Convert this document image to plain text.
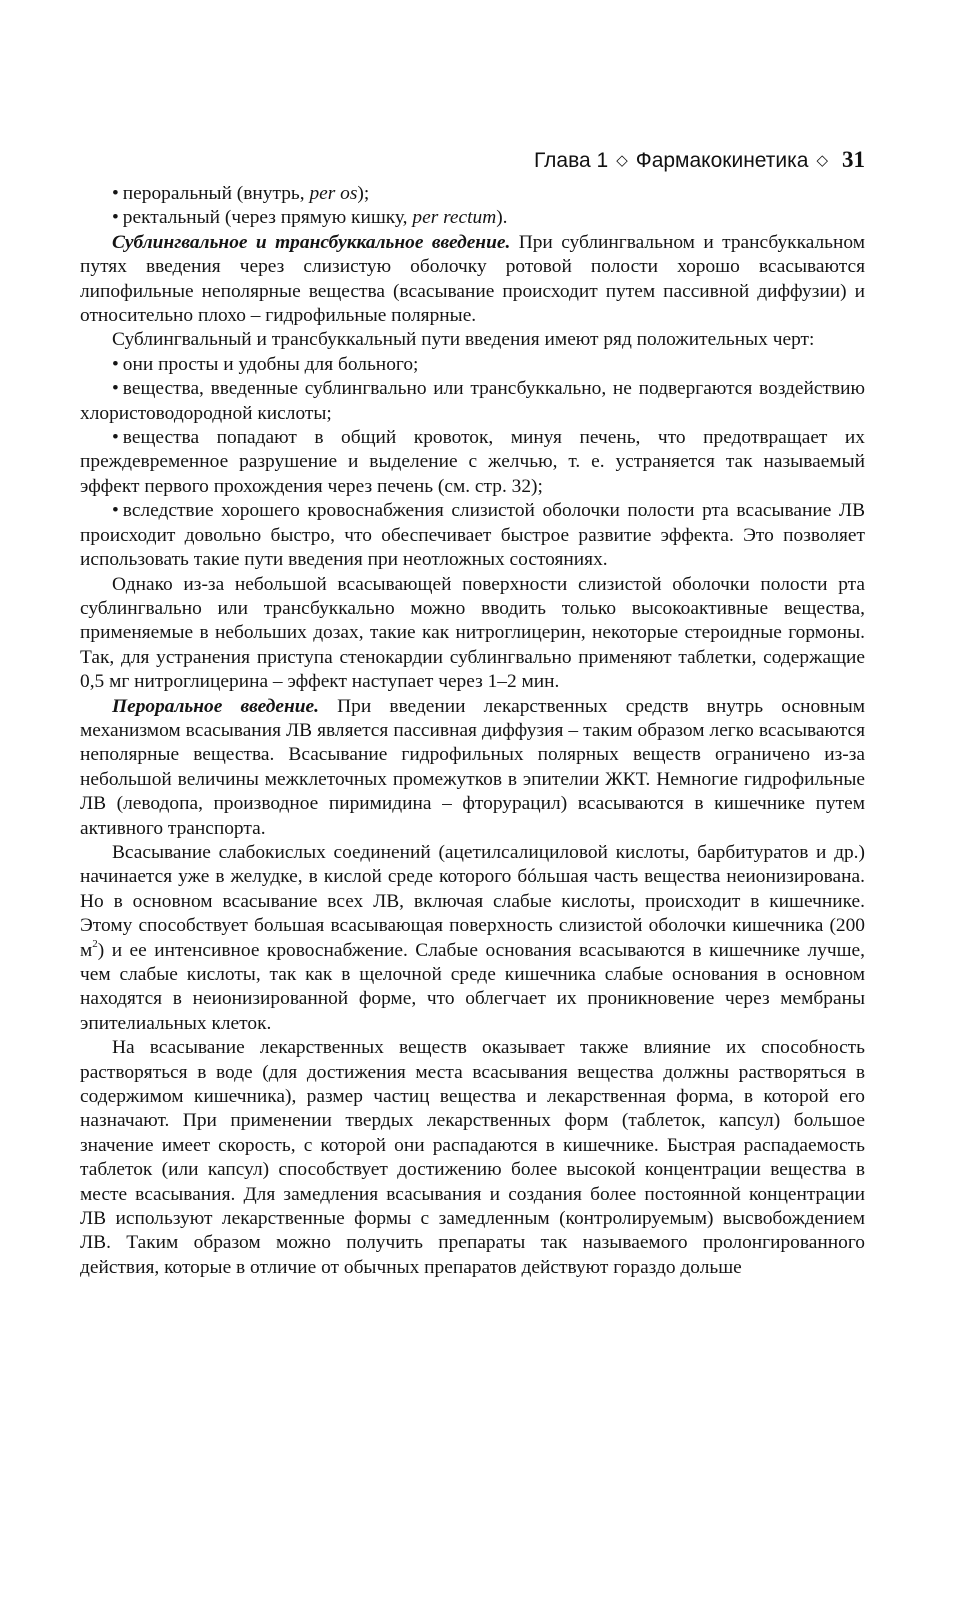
Глава 1 ◇ Фармакокинетика ◇ 31

• пероральный (внутрь, per os);

• ректальный (через прямую кишку, per rectum).

Сублингвальное и трансбуккальное введение. При сублингвальном и трансбуккальном путях введения через слизистую оболочку ротовой полости хорошо всасываются липофильные неполярные вещества (всасывание происходит путем пассивной диффузии) и относительно плохо – гидрофильные полярные.

Сублингвальный и трансбуккальный пути введения имеют ряд положительных черт:

• они просты и удобны для больного;

• вещества, введенные сублингвально или трансбуккально, не подвергаются воздействию хлористоводородной кислоты;

• вещества попадают в общий кровоток, минуя печень, что предотвращает их преждевременное разрушение и выделение с желчью, т. е. устраняется так называемый эффект первого прохождения через печень (см. стр. 32);

• вследствие хорошего кровоснабжения слизистой оболочки полости рта всасывание ЛВ происходит довольно быстро, что обеспечивает быстрое развитие эффекта. Это позволяет использовать такие пути введения при неотложных состояниях.

Однако из-за небольшой всасывающей поверхности слизистой оболочки полости рта сублингвально или трансбуккально можно вводить только высокоактивные вещества, применяемые в небольших дозах, такие как нитроглицерин, некоторые стероидные гормоны. Так, для устранения приступа стенокардии сублингвально применяют таблетки, содержащие 0,5 мг нитроглицерина – эффект наступает через 1–2 мин.

Пероральное введение. При введении лекарственных средств внутрь основным механизмом всасывания ЛВ является пассивная диффузия – таким образом легко всасываются неполярные вещества. Всасывание гидрофильных полярных веществ ограничено из-за небольшой величины межклеточных промежутков в эпителии ЖКТ. Немногие гидрофильные ЛВ (леводопа, производное пиримидина – фторурацил) всасываются в кишечнике путем активного транспорта.

Всасывание слабокислых соединений (ацетилсалициловой кислоты, барбитуратов и др.) начинается уже в желудке, в кислой среде которого бóльшая часть вещества неионизирована. Но в основном всасывание всех ЛВ, включая слабые кислоты, происходит в кишечнике. Этому способствует большая всасывающая поверхность слизистой оболочки кишечника (200 $м^2$) и ее интенсивное кровоснабжение. Слабые основания всасываются в кишечнике лучше, чем слабые кислоты, так как в щелочной среде кишечника слабые основания в основном находятся в неионизированной форме, что облегчает их проникновение через мембраны эпителиальных клеток.

На всасывание лекарственных веществ оказывает также влияние их способность растворяться в воде (для достижения места всасывания вещества должны растворяться в содержимом кишечника), размер частиц вещества и лекарственная форма, в которой его назначают. При применении твердых лекарственных форм (таблеток, капсул) большое значение имеет скорость, с которой они распадаются в кишечнике. Быстрая распадаемость таблеток (или капсул) способствует достижению более высокой концентрации вещества в месте всасывания. Для замедления всасывания и создания более постоянной концентрации ЛВ используют лекарственные формы с замедленным (контролируемым) высвобождением ЛВ. Таким образом можно получить препараты так называемого пролонгированного действия, которые в отличие от обычных препаратов действуют гораздо дольше
